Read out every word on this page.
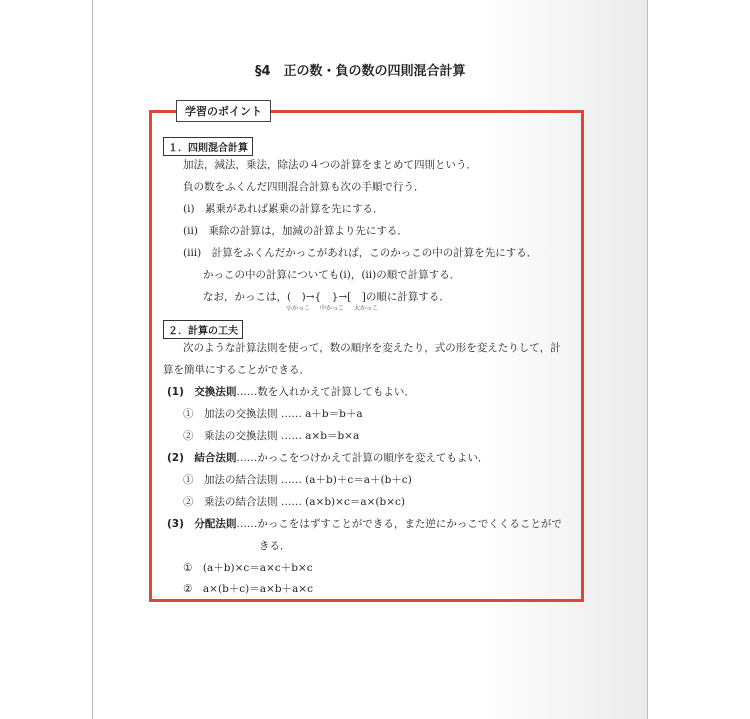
§4　正の数・負の数の四則混合計算
学習のポイント
１．四則混合計算
加法，減法，乗法，除法の４つの計算をまとめて四則という．
負の数をふくんだ四則混合計算も次の手順で行う．
(i)　累乗があれば累乗の計算を先にする．
(ii)　乗除の計算は，加減の計算より先にする．
(iii)　計算をふくんだかっこがあれば，このかっこの中の計算を先にする．
かっこの中の計算についても(i)，(ii)の順で計算する．
なお，かっこは，(　)→{　}→[　]の順に計算する．
小かっこ 中かっこ 大かっこ
２．計算の工夫
次のような計算法則を使って，数の順序を変えたり，式の形を変えたりして，計
算を簡単にすることができる．
(1)　交換法則……数を入れかえて計算してもよい．
①　加法の交換法則 …… a＋b＝b＋a
②　乗法の交換法則 …… a×b＝b×a
(2)　結合法則……かっこをつけかえて計算の順序を変えてもよい．
①　加法の結合法則 …… (a＋b)＋c＝a＋(b＋c)
②　乗法の結合法則 …… (a×b)×c＝a×(b×c)
(3)　分配法則……かっこをはずすことができる，また逆にかっこでくくることがで
きる．
①　(a＋b)×c＝a×c＋b×c
②　a×(b＋c)＝a×b＋a×c
